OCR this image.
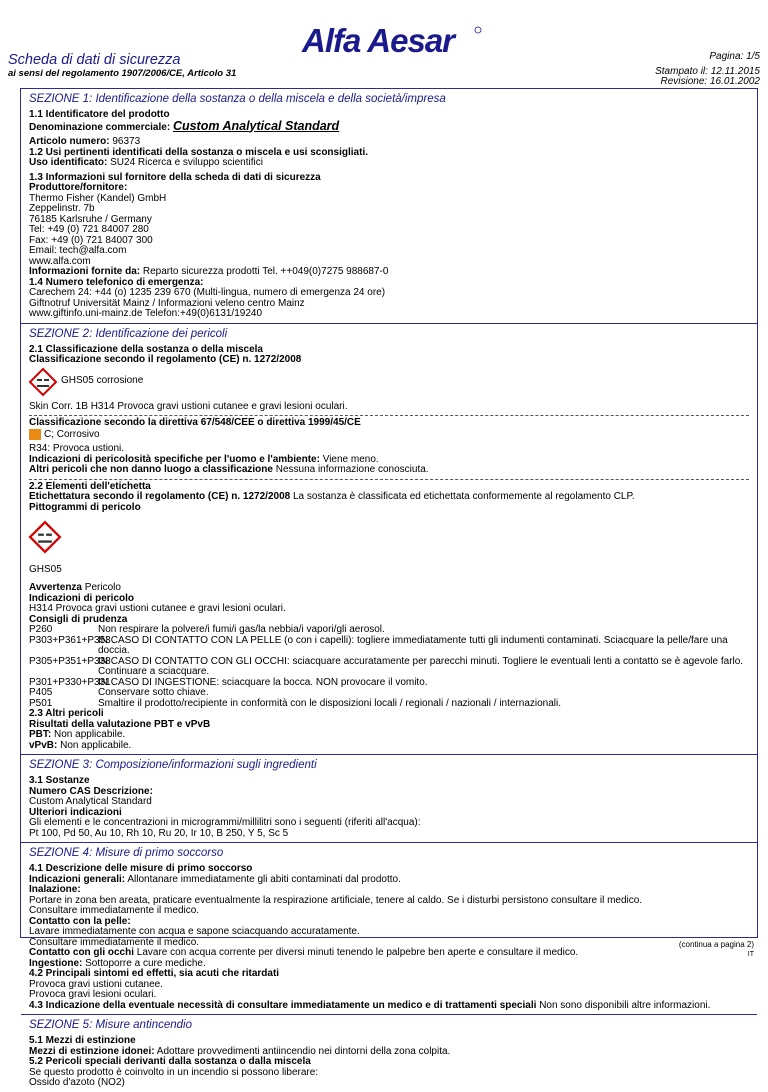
Scheda di dati di sicurezza
ai sensi del regolamento 1907/2006/CE, Articolo 31
Alfa Aesar	Pagina: 1/5
Stampato il: 12.11.2015
Revisione: 16.01.2002
SEZIONE 1: Identificazione della sostanza o della miscela e della società/impresa
1.1 Identificatore del prodotto
Denominazione commerciale: Custom Analytical Standard
Articolo numero: 96373
1.2 Usi pertinenti identificati della sostanza o miscela e usi sconsigliati.
Uso identificato: SU24 Ricerca e sviluppo scientifici
1.3 Informazioni sul fornitore della scheda di dati di sicurezza
Produttore/fornitore:
Thermo Fisher (Kandel) GmbH
Zeppelinstr. 7b
76185 Karlsruhe / Germany
Tel: +49 (0) 721 84007 280
Fax: +49 (0) 721 84007 300
Email: tech@alfa.com
www.alfa.com
Informazioni fornite da: Reparto sicurezza prodotti Tel. ++049(0)7275 988687-0
1.4 Numero telefonico di emergenza:
Carechem 24: +44 (o) 1235 239 670 (Multi-lingua, numero di emergenza 24 ore)
Giftnotruf Universität Mainz / Informazioni veleno centro Mainz
www.giftinfo.uni-mainz.de Telefon:+49(0)6131/19240
SEZIONE 2: Identificazione dei pericoli
2.1 Classificazione della sostanza o della miscela
Classificazione secondo il regolamento (CE) n. 1272/2008
GHS05 corrosione
Skin Corr. 1B H314 Provoca gravi ustioni cutanee e gravi lesioni oculari.
Classificazione secondo la direttiva 67/548/CEE o direttiva 1999/45/CE
C; Corrosivo
R34: Provoca ustioni.
Indicazioni di pericolosità specifiche per l'uomo e l'ambiente: Viene meno.
Altri pericoli che non danno luogo a classificazione Nessuna informazione conosciuta.
2.2 Elementi dell'etichetta
Etichettatura secondo il regolamento (CE) n. 1272/2008 La sostanza è classificata ed etichettata conformemente al regolamento CLP.
Pittogrammi di pericolo
GHS05
Avvertenza Pericolo
Indicazioni di pericolo
H314 Provoca gravi ustioni cutanee e gravi lesioni oculari.
Consigli di prudenza
P260	Non respirare la polvere/i fumi/i gas/la nebbia/i vapori/gli aerosol.
P303+P361+P353
IN CASO DI CONTATTO CON LA PELLE (o con i capelli): togliere immediatamente tutti gli indumenti contaminati. Sciacquare la pelle/fare una doccia.
P305+P351+P338
IN CASO DI CONTATTO CON GLI OCCHI: sciacquare accuratamente per parecchi minuti. Togliere le eventuali lenti a contatto se è agevole farlo. Continuare a sciacquare.
P301+P330+P331
IN CASO DI INGESTIONE: sciacquare la bocca. NON provocare il vomito.
P405	Conservare sotto chiave.
P501	Smaltire il prodotto/recipiente in conformità con le disposizioni locali / regionali / nazionali / internazionali.
2.3 Altri pericoli
Risultati della valutazione PBT e vPvB
PBT: Non applicabile.
vPvB: Non applicabile.
SEZIONE 3: Composizione/informazioni sugli ingredienti
3.1 Sostanze
Numero CAS Descrizione:
Custom Analytical Standard
Ulteriori indicazioni
Gli elementi e le concentrazioni in microgrammi/millilitri sono i seguenti (riferiti all'acqua):
Pt 100, Pd 50, Au 10, Rh 10, Ru 20, Ir 10, B 250, Y 5, Sc 5
SEZIONE 4: Misure di primo soccorso
4.1 Descrizione delle misure di primo soccorso
Indicazioni generali: Allontanare immediatamente gli abiti contaminati dal prodotto.
Inalazione:
Portare in zona ben areata, praticare eventualmente la respirazione artificiale, tenere al caldo. Se i disturbi persistono consultare il medico.
Consultare immediatamente il medico.
Contatto con la pelle:
Lavare immediatamente con acqua e sapone sciacquando accuratamente.
Consultare immediatamente il medico.
Contatto con gli occhi Lavare con acqua corrente per diversi minuti tenendo le palpebre ben aperte e consultare il medico.
Ingestione: Sottoporre a cure mediche.
4.2 Principali sintomi ed effetti, sia acuti che ritardati
Provoca gravi ustioni cutanee.
Provoca gravi lesioni oculari.
4.3 Indicazione della eventuale necessità di consultare immediatamente un medico e di trattamenti speciali Non sono disponibili altre informazioni.
SEZIONE 5: Misure antincendio
5.1 Mezzi di estinzione
Mezzi di estinzione idonei: Adottare provvedimenti antiincendio nei dintorni della zona colpita.
5.2 Pericoli speciali derivanti dalla sostanza o dalla miscela
Se questo prodotto è coinvolto in un incendio si possono liberare:
Ossido d'azoto (NO2)
(continua a pagina 2)
IT
